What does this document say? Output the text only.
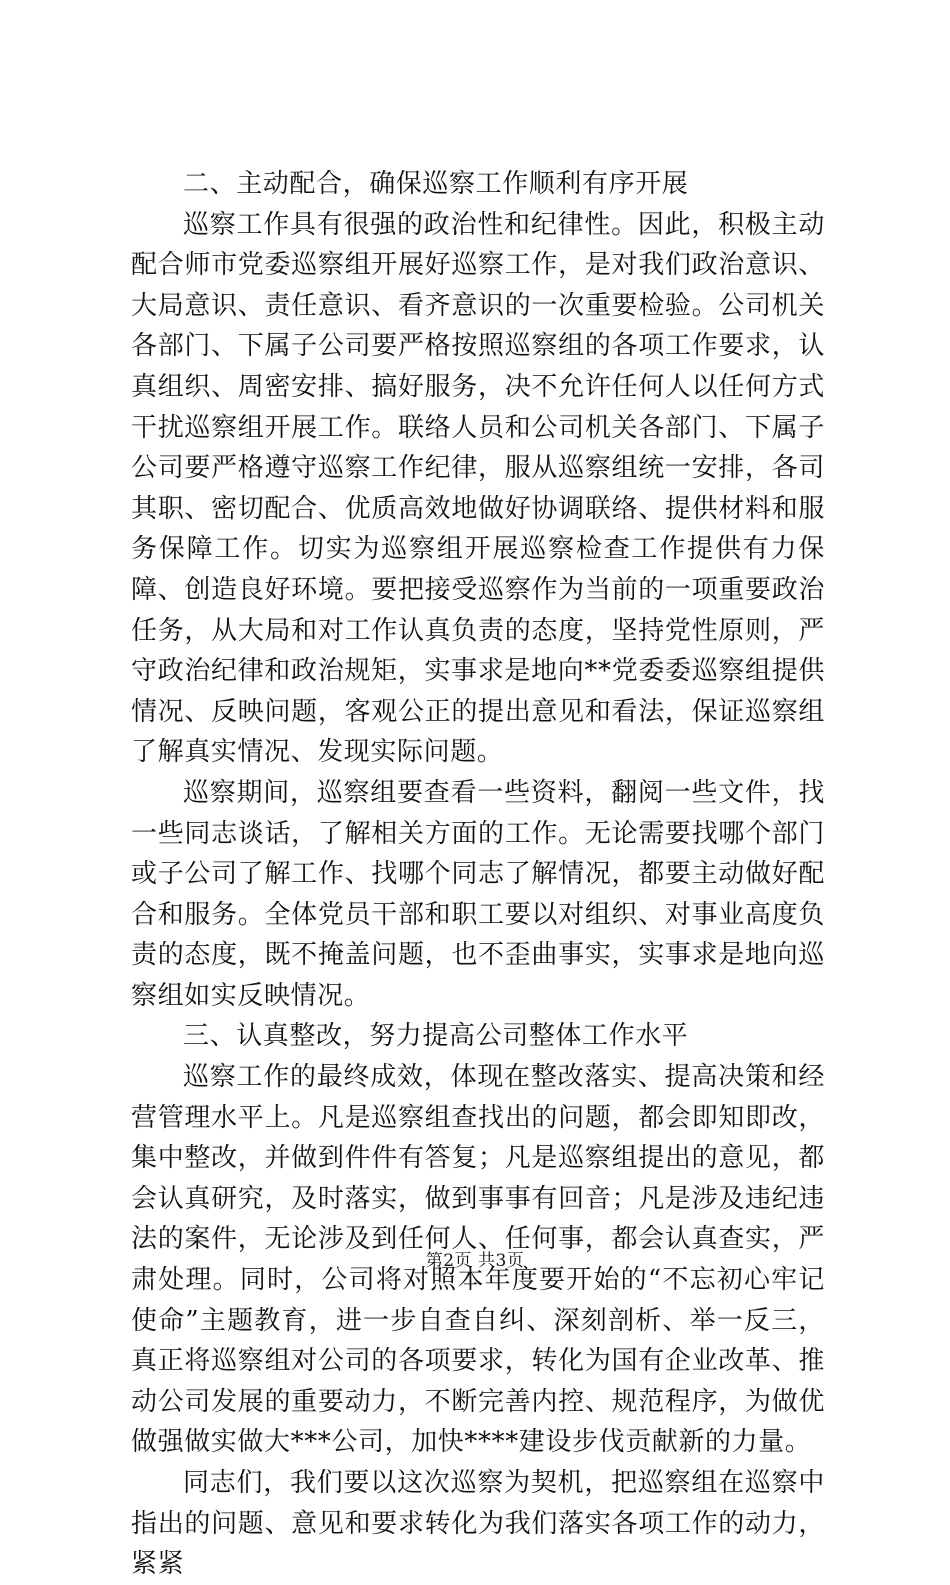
二、主动配合，确保巡察工作顺利有序开展

巡察工作具有很强的政治性和纪律性。因此，积极主动配合师市党委巡察组开展好巡察工作，是对我们政治意识、大局意识、责任意识、看齐意识的一次重要检验。公司机关各部门、下属子公司要严格按照巡察组的各项工作要求，认真组织、周密安排、搞好服务，决不允许任何人以任何方式干扰巡察组开展工作。联络人员和公司机关各部门、下属子公司要严格遵守巡察工作纪律，服从巡察组统一安排，各司其职、密切配合、优质高效地做好协调联络、提供材料和服务保障工作。切实为巡察组开展巡察检查工作提供有力保障、创造良好环境。要把接受巡察作为当前的一项重要政治任务，从大局和对工作认真负责的态度，坚持党性原则，严守政治纪律和政治规矩，实事求是地向**党委委巡察组提供情况、反映问题，客观公正的提出意见和看法，保证巡察组了解真实情况、发现实际问题。

巡察期间，巡察组要查看一些资料，翻阅一些文件，找一些同志谈话，了解相关方面的工作。无论需要找哪个部门或子公司了解工作、找哪个同志了解情况，都要主动做好配合和服务。全体党员干部和职工要以对组织、对事业高度负责的态度，既不掩盖问题，也不歪曲事实，实事求是地向巡察组如实反映情况。

三、认真整改，努力提高公司整体工作水平

巡察工作的最终成效，体现在整改落实、提高决策和经营管理水平上。凡是巡察组查找出的问题，都会即知即改，集中整改，并做到件件有答复；凡是巡察组提出的意见，都会认真研究，及时落实，做到事事有回音；凡是涉及违纪违法的案件，无论涉及到任何人、任何事，都会认真查实，严肃处理。同时，公司将对照本年度要开始的“不忘初心牢记使命”主题教育，进一步自查自纠、深刻剖析、举一反三，真正将巡察组对公司的各项要求，转化为国有企业改革、推动公司发展的重要动力，不断完善内控、规范程序，为做优做强做实做大***公司，加快****建设步伐贡献新的力量。

同志们，我们要以这次巡察为契机，把巡察组在巡察中指出的问题、意见和要求转化为我们落实各项工作的动力，紧紧

第2页 共3页
